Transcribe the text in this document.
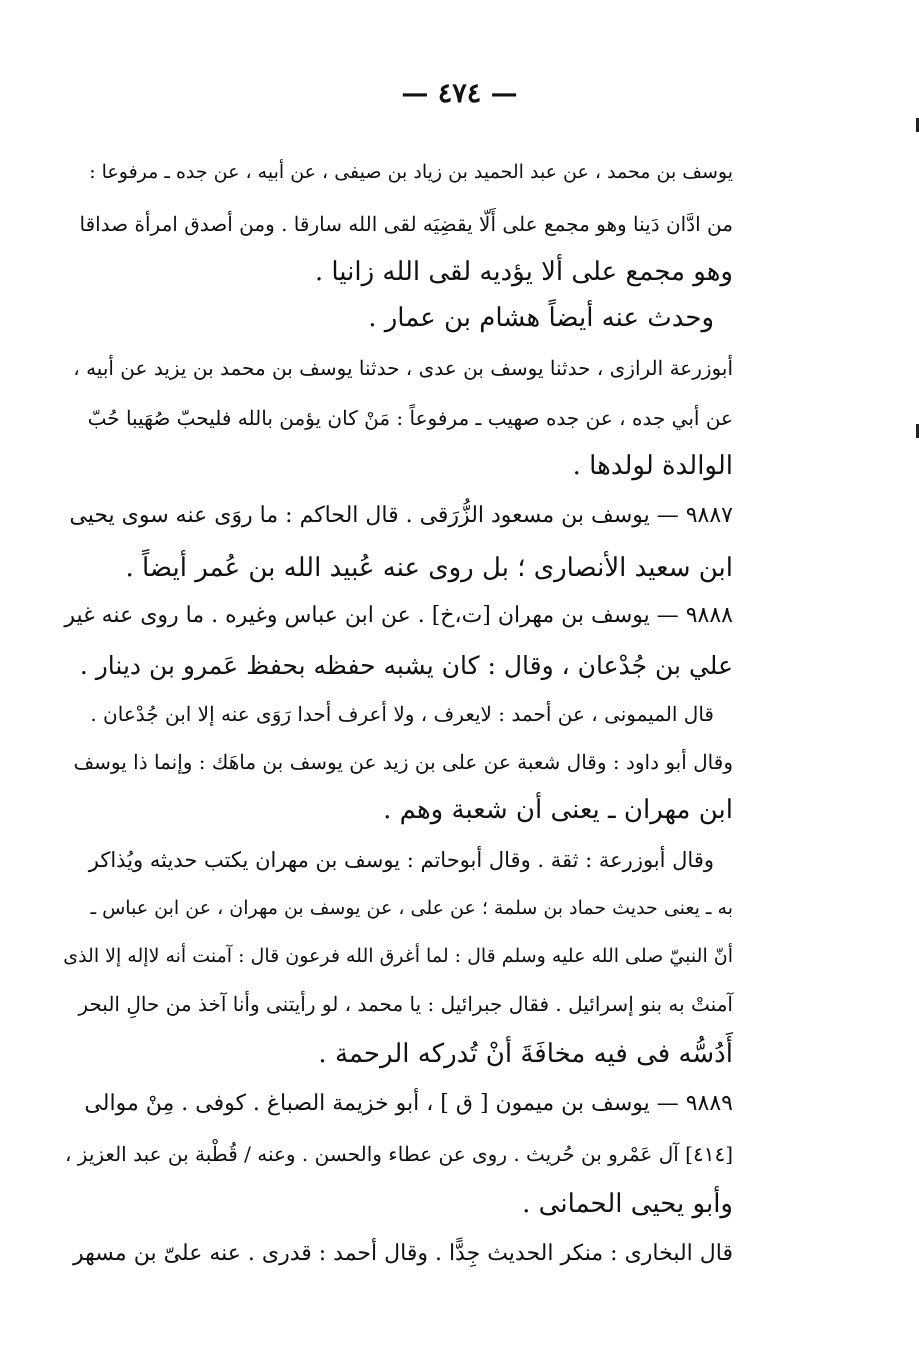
— ٤٧٤ —
يوسف بن محمد ، عن عبد الحميد بن زياد بن صيفى ، عن أبيه ، عن جده ـ مرفوعا :
من ادَّان دَينا وهو مجمع على أَلّا يقضِيَه لقى الله سارقا . ومن أصدق امرأة صداقا
وهو مجمع على ألا يؤديه لقى الله زانيا .
وحدث عنه أيضاً هشام بن عمار .
أبوزرعة الرازى ، حدثنا يوسف بن عدى ، حدثنا يوسف بن محمد بن يزيد عن أبيه ،
عن أبي جده ، عن جده صهيب ـ مرفوعاً : مَنْ كان يؤمن بالله فليحبّ صُهَيبا حُبّ
الوالدة لولدها .
٩٨٨٧ — يوسف بن مسعود الزُّرَقى . قال الحاكم : ما روَى عنه سوى يحيى
ابن سعيد الأنصارى ؛ بل روى عنه عُبيد الله بن عُمر أيضاً .
٩٨٨٨ — يوسف بن مهران [ت،خ] . عن ابن عباس وغيره . ما روى عنه غير
علي بن جُدْعان ، وقال : كان يشبه حفظه بحفظ عَمرو بن دينار .
قال الميمونى ، عن أحمد : لايعرف ، ولا أعرف أحدا رَوَى عنه إلا ابن جُدْعان .
وقال أبو داود : وقال شعبة عن على بن زيد عن يوسف بن ماهَك : وإنما ذا يوسف
ابن مهران ـ يعنى أن شعبة وهم .
وقال أبوزرعة : ثقة . وقال أبوحاتم : يوسف بن مهران يكتب حديثه ويُذاكر
به ـ يعنى حديث حماد بن سلمة ؛ عن على ، عن يوسف بن مهران ، عن ابن عباس ـ
أنّ النبيّ صلى الله عليه وسلم قال : لما أغرق الله فرعون قال : آمنت أنه لاإله إلا الذى
آمنتْ به بنو إسرائيل . فقال جبرائيل : يا محمد ، لو رأيتنى وأنا آخذ من حالِ البحر
أَدُسُّه فى فيه مخافَةَ أنْ تُدركه الرحمة .
٩٨٨٩ — يوسف بن ميمون [ ق ] ، أبو خزيمة الصباغ . كوفى . مِنْ موالى
[٤١٤] آل عَمْرو بن حُريث . روى عن عطاء والحسن . وعنه / قُطْبة بن عبد العزيز ،
وأبو يحيى الحمانى .
قال البخارى : منكر الحديث جِدًّا . وقال أحمد : قدرى . عنه علىّ بن مسهر
